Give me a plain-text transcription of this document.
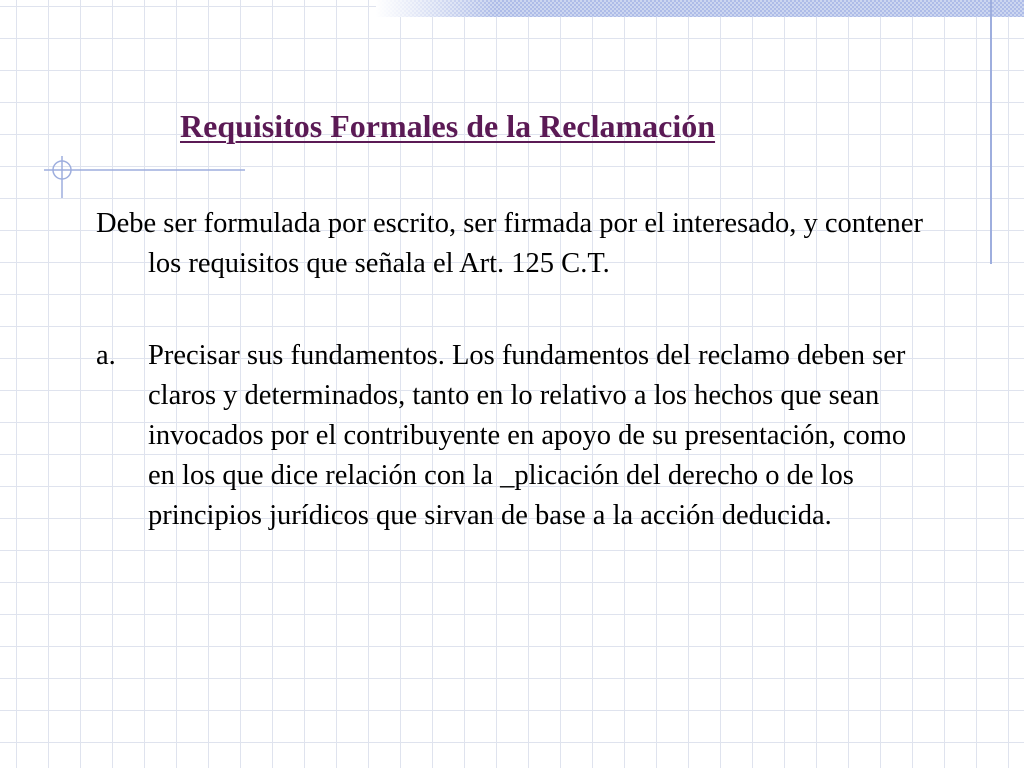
Requisitos Formales de la Reclamación

Debe ser formulada por escrito, ser firmada por el interesado, y contener los requisitos que señala el Art. 125 C.T.

a.	Precisar sus fundamentos. Los fundamentos del reclamo deben ser claros y determinados, tanto en lo relativo a los hechos que sean invocados por el contribuyente en apoyo de su presentación, como en los que dice relación con la _plicación del derecho o de los principios jurídicos que sirvan de base a la acción deducida.
